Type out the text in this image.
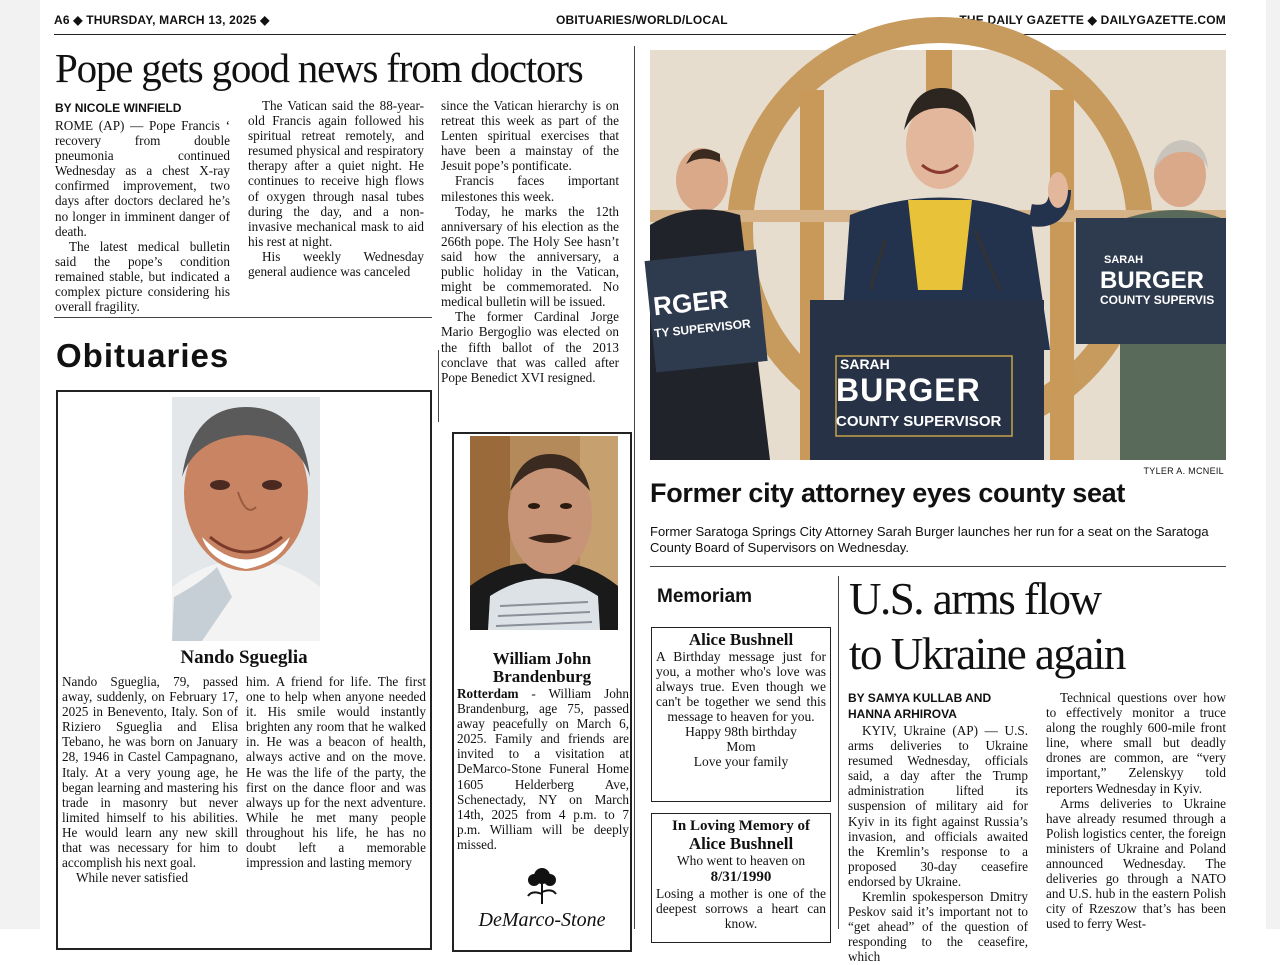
A6 ◆ THURSDAY, MARCH 13, 2025 ◆	OBITUARIES/WORLD/LOCAL	THE DAILY GAZETTE ◆ DAILYGAZETTE.COM
Pope gets good news from doctors
BY NICOLE WINFIELD

ROME (AP) — Pope Francis ‘ recovery from double pneumonia continued Wednesday as a chest X-ray confirmed improvement, two days after doctors declared he’s no longer in imminent danger of death.

The latest medical bulletin said the pope’s condition remained stable, but indicated a complex picture considering his overall fragility.

The Vatican said the 88-year-old Francis again followed his spiritual retreat remotely, and resumed physical and respiratory therapy after a quiet night. He continues to receive high flows of oxygen through nasal tubes during the day, and a non-invasive mechanical mask to aid his rest at night.

His weekly Wednesday general audience was canceled

since the Vatican hierarchy is on retreat this week as part of the Lenten spiritual exercises that have been a mainstay of the Jesuit pope’s pontificate.

Francis faces important milestones this week.

Today, he marks the 12th anniversary of his election as the 266th pope. The Holy See hasn’t said how the anniversary, a public holiday in the Vatican, might be commemorated. No medical bulletin will be issued.

The former Cardinal Jorge Mario Bergoglio was elected on the fifth ballot of the 2013 conclave that was called after Pope Benedict XVI resigned.

Obituaries
Nando Sgueglia

Nando Sgueglia, 79, passed away, suddenly, on February 17, 2025 in Benevento, Italy. Son of Riziero Sgueglia and Elisa Tebano, he was born on January 28, 1946 in Castel Campagnano, Italy. At a very young age, he began learning and mastering his trade in masonry but never limited himself to his abilities. He would learn any new skill that was necessary for him to accomplish his next goal.

While never satisfied

him. A friend for life. The first one to help when anyone needed it. His smile would instantly brighten any room that he walked in. He was a beacon of health, always active and on the move. He was the life of the party, the first on the dance floor and was always up for the next adventure. While he met many people throughout his life, he has no doubt left a memorable impression and lasting memory

William John Brandenburg

Rotterdam - William John Brandenburg, age 75, passed away peacefully on March 6, 2025. Family and friends are invited to a visitation at DeMarco-Stone Funeral Home 1605 Helderberg Ave, Schenectady, NY on March 14th, 2025 from 4 p.m. to 7 p.m. William will be deeply missed.

DeMarco-Stone
RGER
TY SUPERVISOR
SARAH
BURGER
COUNTY SUPERVISOR
SARAH
BURGER
COUNTY SUPERVIS
TYLER A. MCNEIL
Former city attorney eyes county seat
Former Saratoga Springs City Attorney Sarah Burger launches her run for a seat on the Saratoga County Board of Supervisors on Wednesday.
Memoriam
Alice Bushnell
A Birthday message just for you, a mother who's love was always true. Even though we can't be together we send this message to heaven for you.
Happy 98th birthday
Mom
Love your family
In Loving Memory of
Alice Bushnell
Who went to heaven on
8/31/1990
Losing a mother is one of the deepest sorrows a heart can know.
U.S. arms flow
to Ukraine again
BY SAMYA KULLAB AND
HANNA ARHIROVA

KYIV, Ukraine (AP) — U.S. arms deliveries to Ukraine resumed Wednesday, officials said, a day after the Trump administration lifted its suspension of military aid for Kyiv in its fight against Russia’s invasion, and officials awaited the Kremlin’s response to a proposed 30-day ceasefire endorsed by Ukraine.

Kremlin spokesperson Dmitry Peskov said it’s important not to “get ahead” of the question of responding to the ceasefire, which

Technical questions over how to effectively monitor a truce along the roughly 600-mile front line, where small but deadly drones are common, are “very important,” Zelenskyy told reporters Wednesday in Kyiv.

Arms deliveries to Ukraine have already resumed through a Polish logistics center, the foreign ministers of Ukraine and Poland announced Wednesday. The deliveries go through a NATO and U.S. hub in the eastern Polish city of Rzeszow that’s has been used to ferry West-
